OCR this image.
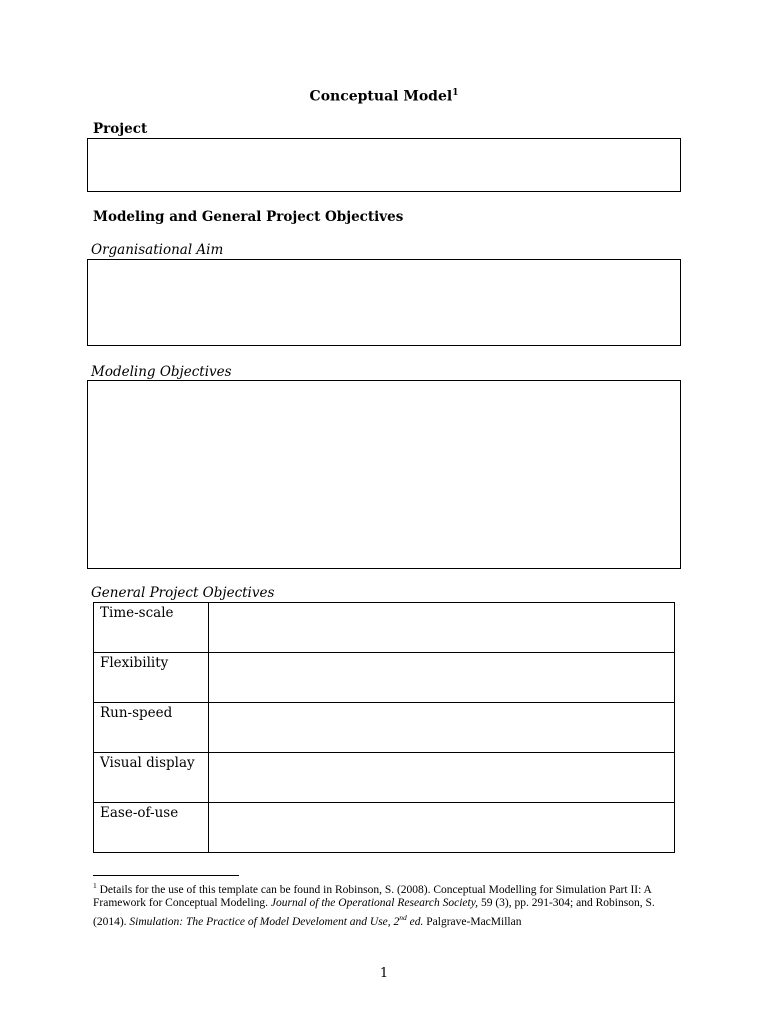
Conceptual Model$^1$
Project
Modeling and General Project Objectives
Organisational Aim
Modeling Objectives
General Project Objectives
Time-scale	
Flexibility	
Run-speed	
Visual display	
Ease-of-use	
$^1$ Details for the use of this template can be found in Robinson, S. (2008). Conceptual Modelling for Simulation Part II: A Framework for Conceptual Modeling. Journal of the Operational Research Society, 59 (3), pp. 291-304; and Robinson, S. (2014). Simulation: The Practice of Model Develoment and Use, 2nd ed. Palgrave-MacMillan
1
